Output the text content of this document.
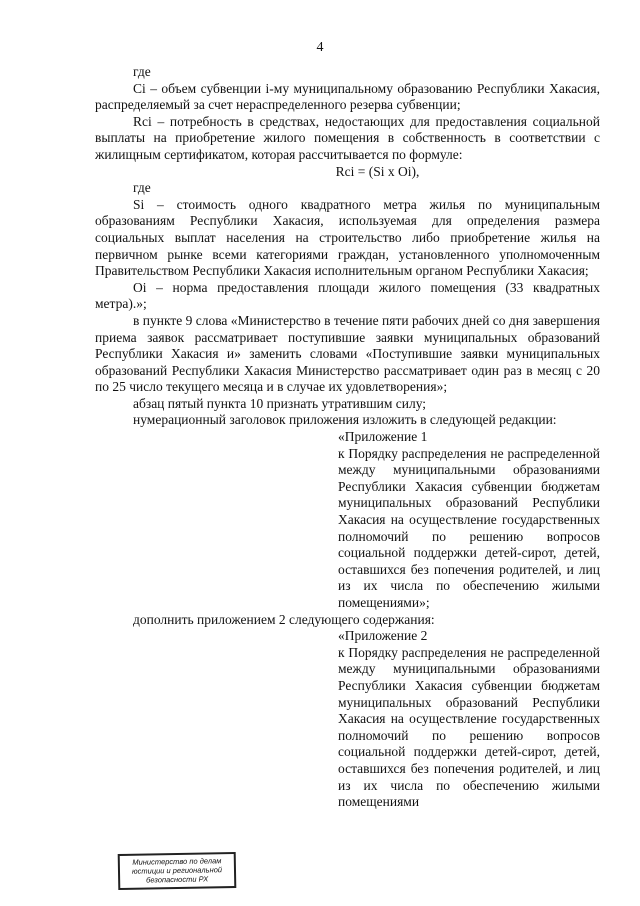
4

где

Ci – объем субвенции i-му муниципальному образованию Республики Хакасия, распределяемый за счет нераспределенного резерва субвенции;

Rci – потребность в средствах, недостающих для предоставления социальной выплаты на приобретение жилого помещения в собственность в соответствии с жилищным сертификатом, которая рассчитывается по формуле:

Rci = (Si x Oi),

где

Si – стоимость одного квадратного метра жилья по муниципальным образованиям Республики Хакасия, используемая для определения размера социальных выплат населения на строительство либо приобретение жилья на первичном рынке всеми категориями граждан, установленного уполномоченным Правительством Республики Хакасия исполнительным органом Республики Хакасия;

Oi – норма предоставления площади жилого помещения (33 квадратных метра).»;

в пункте 9 слова «Министерство в течение пяти рабочих дней со дня завершения приема заявок рассматривает поступившие заявки муниципальных образований Республики Хакасия и» заменить словами «Поступившие заявки муниципальных образований Республики Хакасия Министерство рассматривает один раз в месяц с 20 по 25 число текущего месяца и в случае их удовлетворения»;

абзац пятый пункта 10 признать утратившим силу;

нумерационный заголовок приложения изложить в следующей редакции:

«Приложение 1

к Порядку распределения не распределенной между муниципальными образованиями Республики Хакасия субвенции бюджетам муниципальных образований Республики Хакасия на осуществление государственных полномочий по решению вопросов социальной поддержки детей-сирот, детей, оставшихся без попечения родителей, и лиц из их числа по обеспечению жилыми помещениями»;

дополнить приложением 2 следующего содержания:

«Приложение 2

к Порядку распределения не распределенной между муниципальными образованиями Республики Хакасия субвенции бюджетам муниципальных образований Республики Хакасия на осуществление государственных полномочий по решению вопросов социальной поддержки детей-сирот, детей, оставшихся без попечения родителей, и лиц из их числа по обеспечению жилыми помещениями

Министерство по делам
юстиции и региональной
безопасности РХ
